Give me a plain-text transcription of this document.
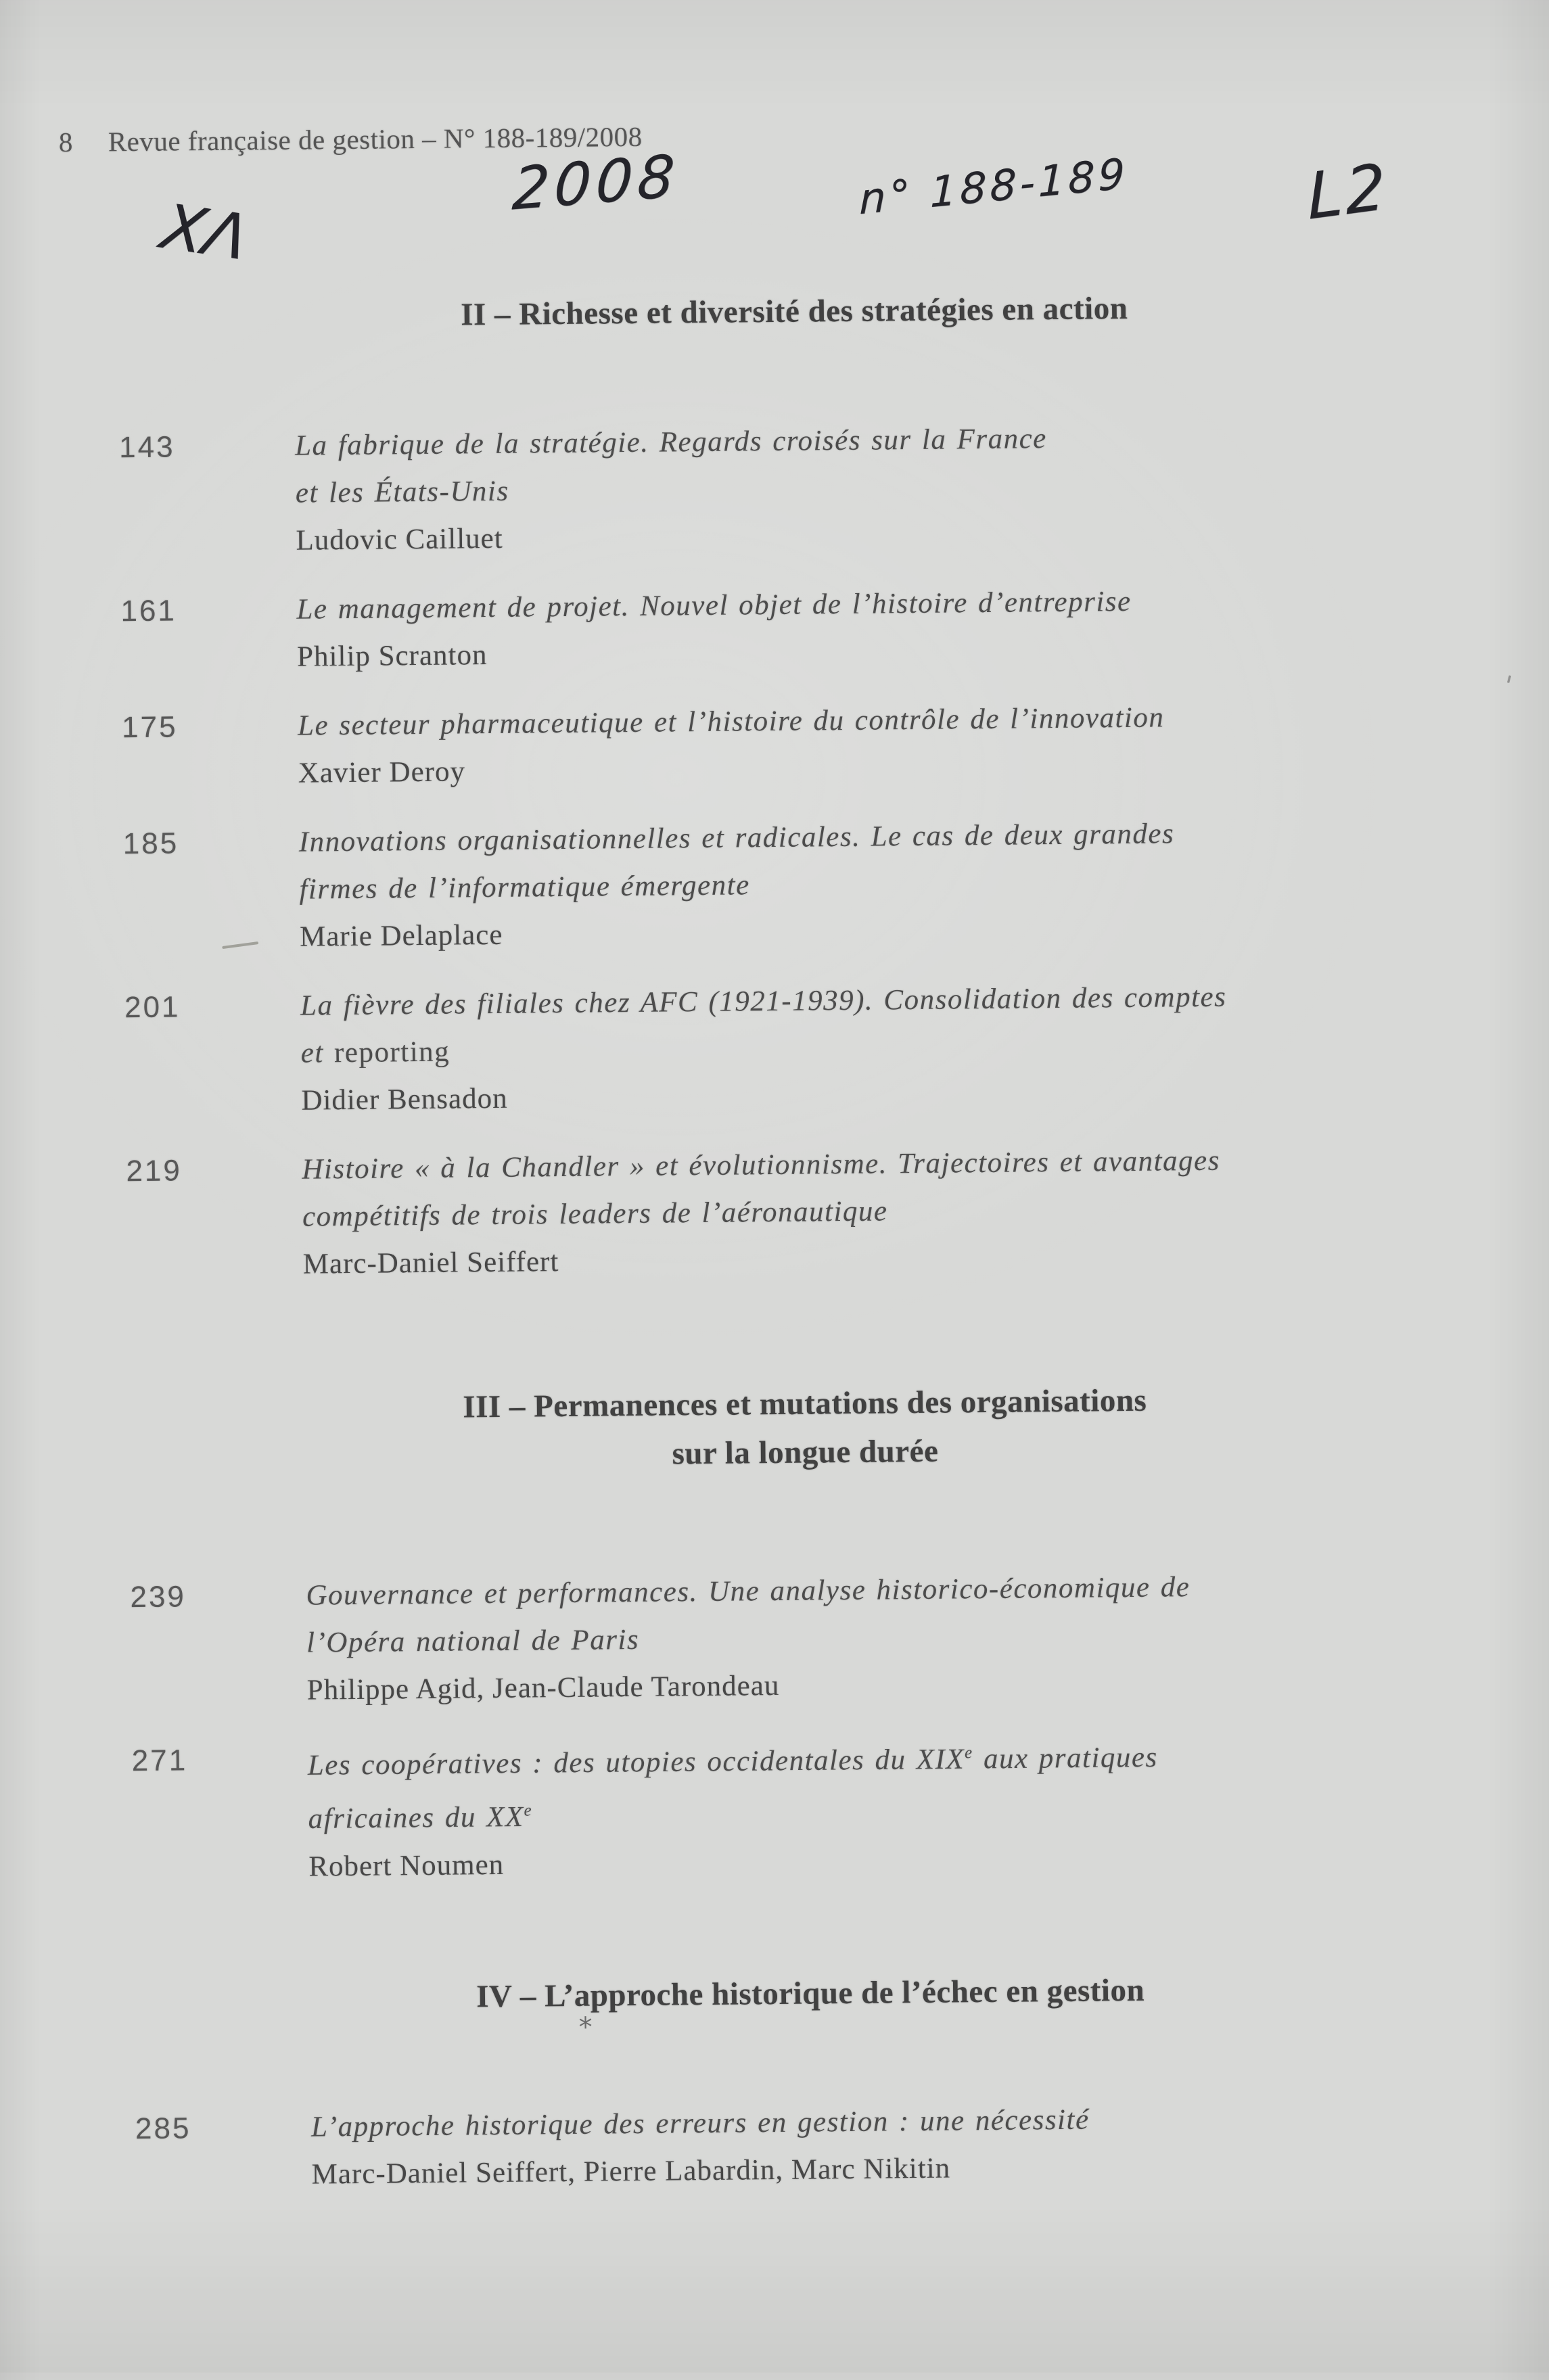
8 Revue française de gestion – N° 188-189/2008
2008	n° 188-189	L2
XΛ
'
*
II – Richesse et diversité des stratégies en action
143	La fabrique de la stratégie. Regards croisés sur la France
et les États-Unis
Ludovic Cailluet
161	Le management de projet. Nouvel objet de l’histoire d’entreprise
Philip Scranton
175	Le secteur pharmaceutique et l’histoire du contrôle de l’innovation
Xavier Deroy
185	Innovations organisationnelles et radicales. Le cas de deux grandes
firmes de l’informatique émergente
Marie Delaplace
201	La fièvre des filiales chez AFC (1921-1939). Consolidation des comptes
et reporting
Didier Bensadon
219	Histoire « à la Chandler » et évolutionnisme. Trajectoires et avantages
compétitifs de trois leaders de l’aéronautique
Marc-Daniel Seiffert
III – Permanences et mutations des organisations
sur la longue durée
239	Gouvernance et performances. Une analyse historico-économique de
l’Opéra national de Paris
Philippe Agid, Jean-Claude Tarondeau
271	Les coopératives : des utopies occidentales du XIXe aux pratiques
africaines du XXe
Robert Noumen
IV – L’approche historique de l’échec en gestion
285	L’approche historique des erreurs en gestion : une nécessité
Marc-Daniel Seiffert, Pierre Labardin, Marc Nikitin
